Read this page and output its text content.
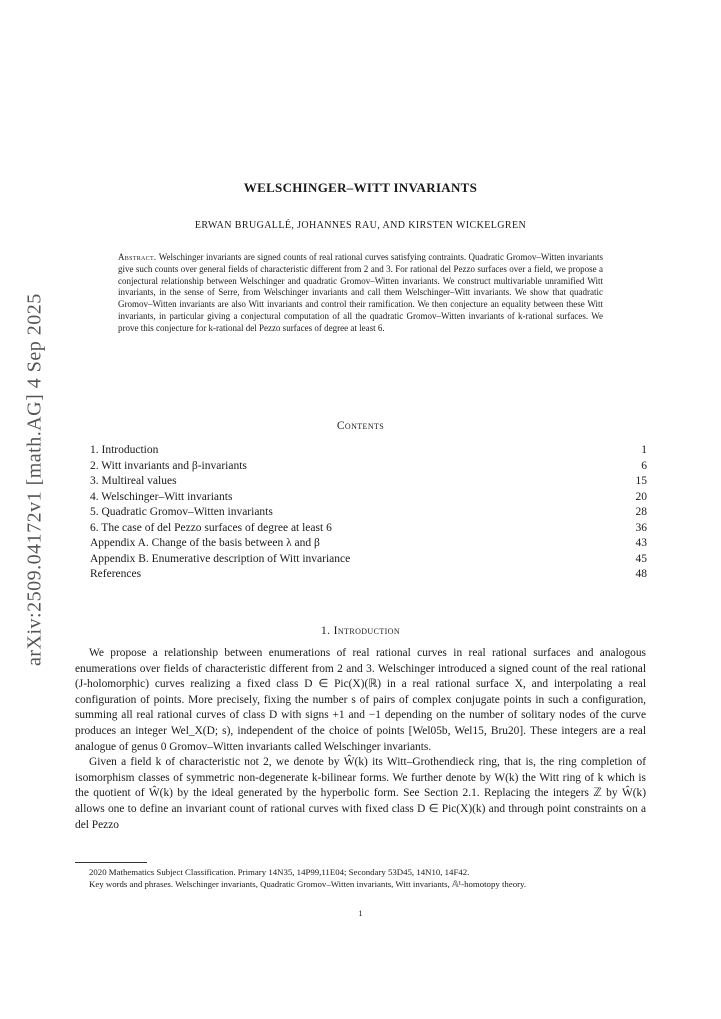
arXiv:2509.04172v1 [math.AG] 4 Sep 2025
WELSCHINGER–WITT INVARIANTS
ERWAN BRUGALLÉ, JOHANNES RAU, AND KIRSTEN WICKELGREN
Abstract. Welschinger invariants are signed counts of real rational curves satisfying contraints. Quadratic Gromov–Witten invariants give such counts over general fields of characteristic different from 2 and 3. For rational del Pezzo surfaces over a field, we propose a conjectural relationship between Welschinger and quadratic Gromov–Witten invariants. We construct multivariable unramified Witt invariants, in the sense of Serre, from Welschinger invariants and call them Welschinger–Witt invariants. We show that quadratic Gromov–Witten invariants are also Witt invariants and control their ramification. We then conjecture an equality between these Witt invariants, in particular giving a conjectural computation of all the quadratic Gromov–Witten invariants of k-rational surfaces. We prove this conjecture for k-rational del Pezzo surfaces of degree at least 6.
Contents
1. Introduction	1
2. Witt invariants and β-invariants	6
3. Multireal values	15
4. Welschinger–Witt invariants	20
5. Quadratic Gromov–Witten invariants	28
6. The case of del Pezzo surfaces of degree at least 6	36
Appendix A. Change of the basis between λ and β	43
Appendix B. Enumerative description of Witt invariance	45
References	48
1. Introduction

We propose a relationship between enumerations of real rational curves in real rational surfaces and analogous enumerations over fields of characteristic different from 2 and 3. Welschinger introduced a signed count of the real rational (J-holomorphic) curves realizing a fixed class D ∈ Pic(X)(ℝ) in a real rational surface X, and interpolating a real configuration of points. More precisely, fixing the number s of pairs of complex conjugate points in such a configuration, summing all real rational curves of class D with signs +1 and −1 depending on the number of solitary nodes of the curve produces an integer Wel_X(D; s), independent of the choice of points [Wel05b, Wel15, Bru20]. These integers are a real analogue of genus 0 Gromov–Witten invariants called Welschinger invariants.

Given a field k of characteristic not 2, we denote by Ŵ(k) its Witt–Grothendieck ring, that is, the ring completion of isomorphism classes of symmetric non-degenerate k-bilinear forms. We further denote by W(k) the Witt ring of k which is the quotient of Ŵ(k) by the ideal generated by the hyperbolic form. See Section 2.1. Replacing the integers ℤ by Ŵ(k) allows one to define an invariant count of rational curves with fixed class D ∈ Pic(X)(k) and through point constraints on a del Pezzo

2020 Mathematics Subject Classification. Primary 14N35, 14P99,11E04; Secondary 53D45, 14N10, 14F42.

Key words and phrases. Welschinger invariants, Quadratic Gromov–Witten invariants, Witt invariants, 𝔸¹-homotopy theory.

1
